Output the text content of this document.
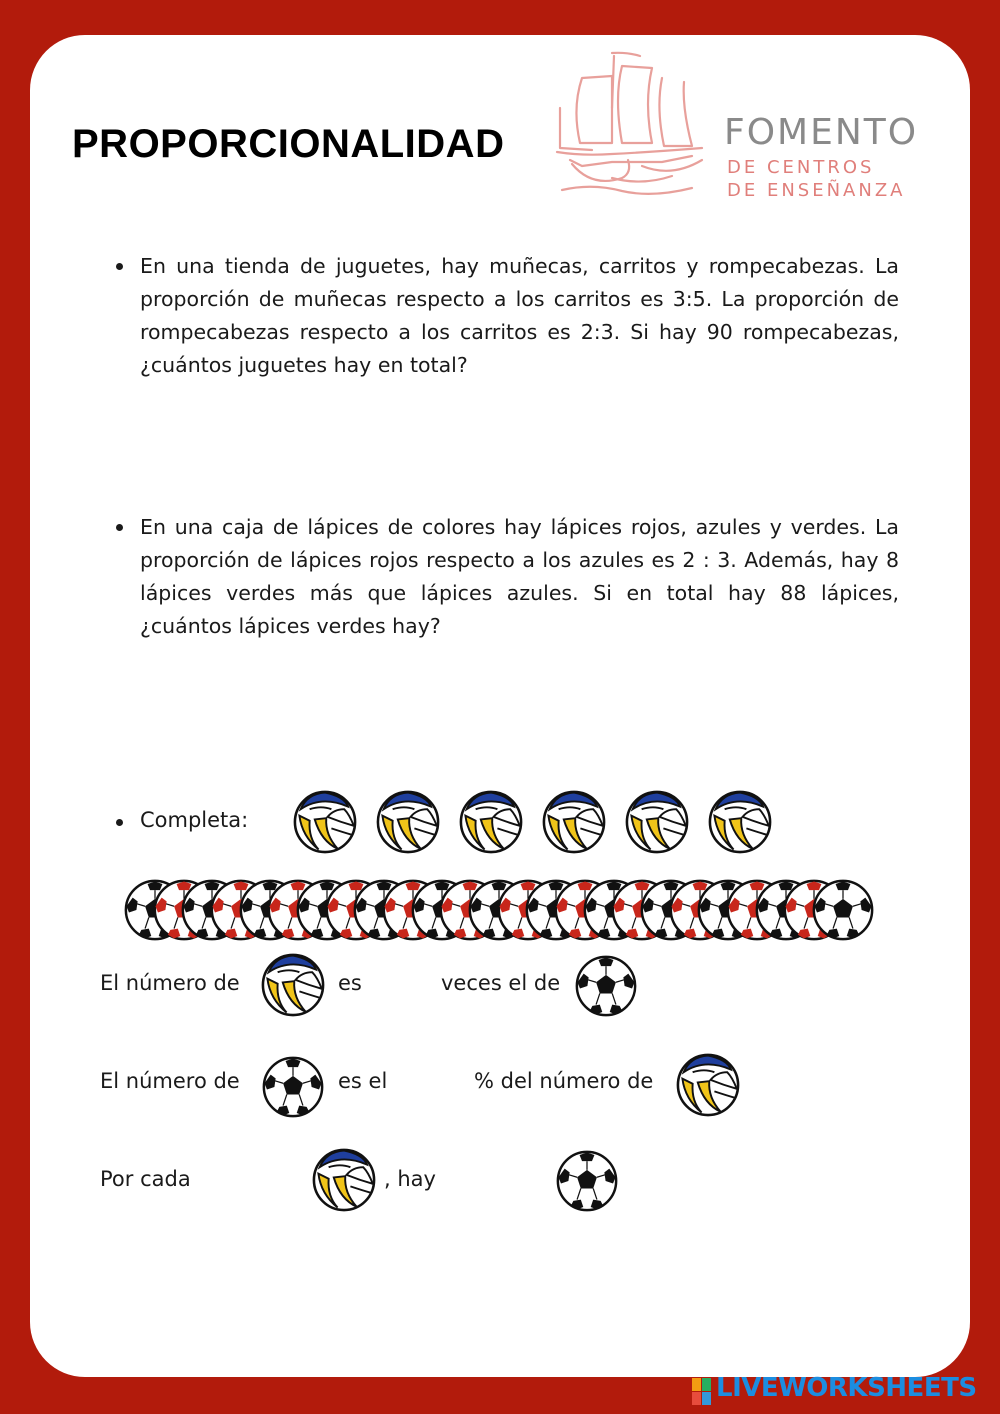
PROPORCIONALIDAD	FOMENTO
DE CENTROS
DE ENSEÑANZA
En una tienda de juguetes, hay muñecas, carritos y rompecabezas. La proporción de muñecas respecto a los carritos es 3:5. La proporción de rompecabezas respecto a los carritos es 2:3. Si hay 90 rompecabezas, ¿cuántos juguetes hay en total?
En una caja de lápices de colores hay lápices rojos, azules y verdes. La proporción de lápices rojos respecto a los azules es 2 : 3. Además, hay 8 lápices verdes más que lápices azules. Si en total hay 88 lápices, ¿cuántos lápices verdes hay?
Completa:
El número de	es	veces el de
El número de	es el	% del número de
Por cada	, hay
LIVEWORKSHEETS
